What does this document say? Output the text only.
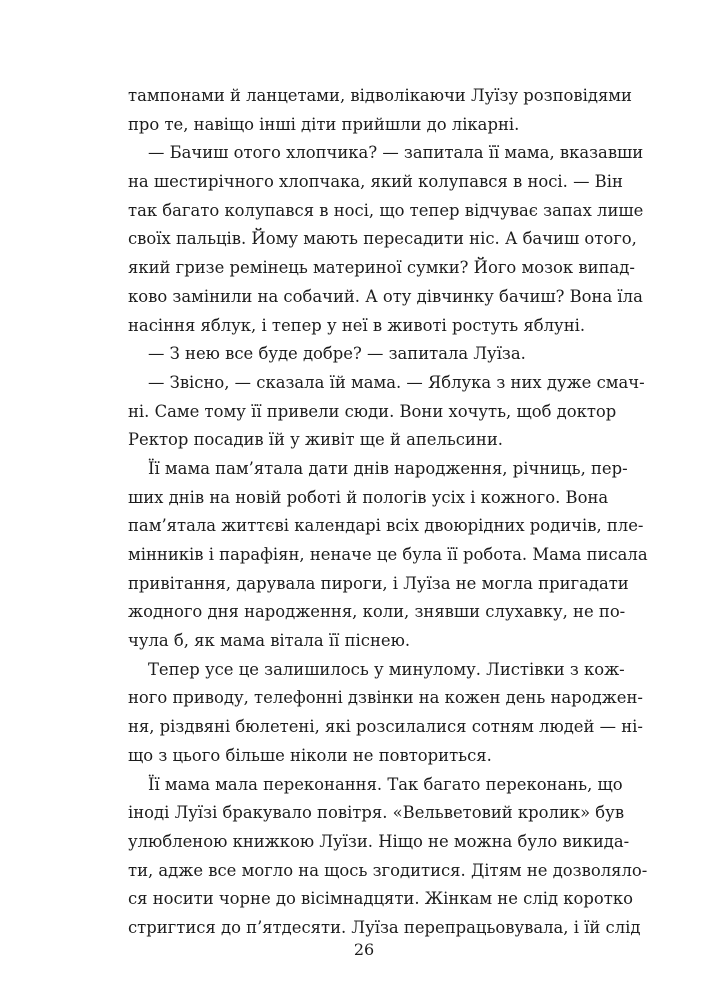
тампонами й ланцетами, відволікаючи Луїзу розповідями
про те, навіщо інші діти прийшли до лікарні.
— Бачиш отого хлопчика? — запитала її мама, вказавши
на шестирічного хлопчака, який колупався в носі. — Він
так багато колупався в носі, що тепер відчуває запах лише
своїх пальців. Йому мають пересадити ніс. А бачиш отого,
який гризе ремінець материної сумки? Його мозок випад-
ково замінили на собачий. А оту дівчинку бачиш? Вона їла
насіння яблук, і тепер у неї в животі ростуть яблуні.
— З нею все буде добре? — запитала Луїза.
— Звісно, — сказала їй мама. — Яблука з них дуже смач-
ні. Саме тому її привели сюди. Вони хочуть, щоб доктор
Ректор посадив їй у живіт ще й апельсини.
Її мама пам’ятала дати днів народження, річниць, пер-
ших днів на новій роботі й пологів усіх і кожного. Вона
пам’ятала життєві календарі всіх двоюрідних родичів, пле-
мінників і парафіян, неначе це була її робота. Мама писала
привітання, дарувала пироги, і Луїза не могла пригадати
жодного дня народження, коли, знявши слухавку, не по-
чула б, як мама вітала її піснею.
Тепер усе це залишилось у минулому. Листівки з кож-
ного приводу, телефонні дзвінки на кожен день народжен-
ня, різдвяні бюлетені, які розсилалися сотням людей — ні-
що з цього більше ніколи не повториться.
Її мама мала переконання. Так багато переконань, що
іноді Луїзі бракувало повітря. «Вельветовий кролик» був
улюбленою книжкою Луїзи. Ніщо не можна було викида-
ти, адже все могло на щось згодитися. Дітям не дозволяло-
ся носити чорне до вісімнадцяти. Жінкам не слід коротко
стригтися до п’ятдесяти. Луїза перепрацьовувала, і їй слід
26
